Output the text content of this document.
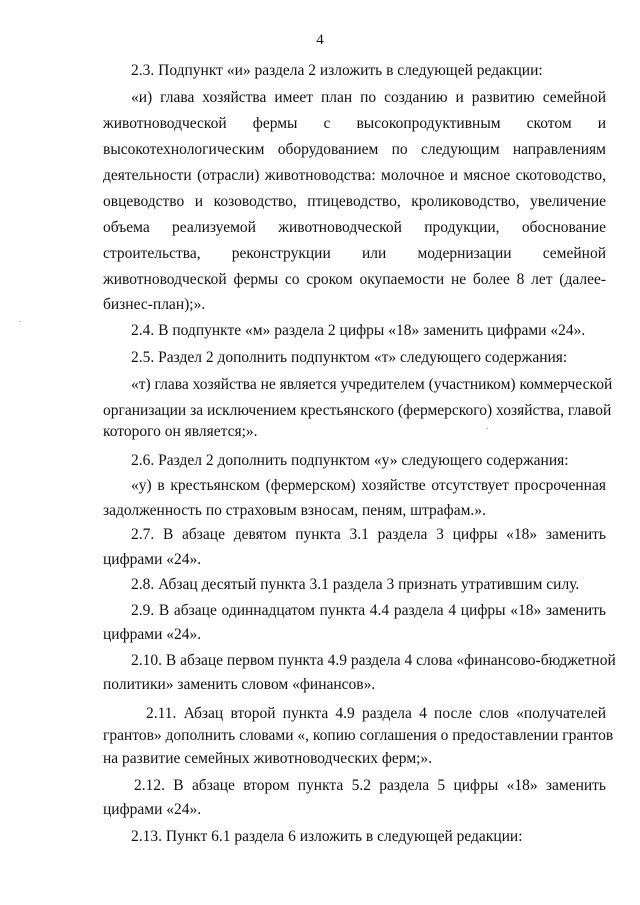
4
2.3. Подпункт «и» раздела 2 изложить в следующей редакции:
«и) глава хозяйства имеет план по созданию и развитию семейной
животноводческой фермы с высокопродуктивным скотом и
высокотехнологическим оборудованием по следующим направлениям
деятельности (отрасли) животноводства: молочное и мясное скотоводство,
овцеводство и козоводство, птицеводство, кролиководство, увеличение
объема реализуемой животноводческой продукции, обоснование
строительства, реконструкции или модернизации семейной
животноводческой фермы со сроком окупаемости не более 8 лет (далее-
бизнес-план);».
2.4. В подпункте «м» раздела 2 цифры «18» заменить цифрами «24».
2.5. Раздел 2 дополнить подпунктом «т» следующего содержания:
«т) глава хозяйства не является учредителем (участником) коммерческой
организации за исключением крестьянского (фермерского) хозяйства, главой
которого он является;».
2.6. Раздел 2 дополнить подпунктом «у» следующего содержания:
«у) в крестьянском (фермерском) хозяйстве отсутствует просроченная
задолженность по страховым взносам, пеням, штрафам.».
2.7. В абзаце девятом пункта 3.1 раздела 3 цифры «18» заменить
цифрами «24».
2.8. Абзац десятый пункта 3.1 раздела 3 признать утратившим силу.
2.9. В абзаце одиннадцатом пункта 4.4 раздела 4 цифры «18» заменить
цифрами «24».
2.10. В абзаце первом пункта 4.9 раздела 4 слова «финансово-бюджетной
политики» заменить словом «финансов».
2.11. Абзац второй пункта 4.9 раздела 4 после слов «получателей
грантов» дополнить словами «, копию соглашения о предоставлении грантов
на развитие семейных животноводческих ферм;».
2.12. В абзаце втором пункта 5.2 раздела 5 цифры «18» заменить
цифрами «24».
2.13. Пункт 6.1 раздела 6 изложить в следующей редакции:
